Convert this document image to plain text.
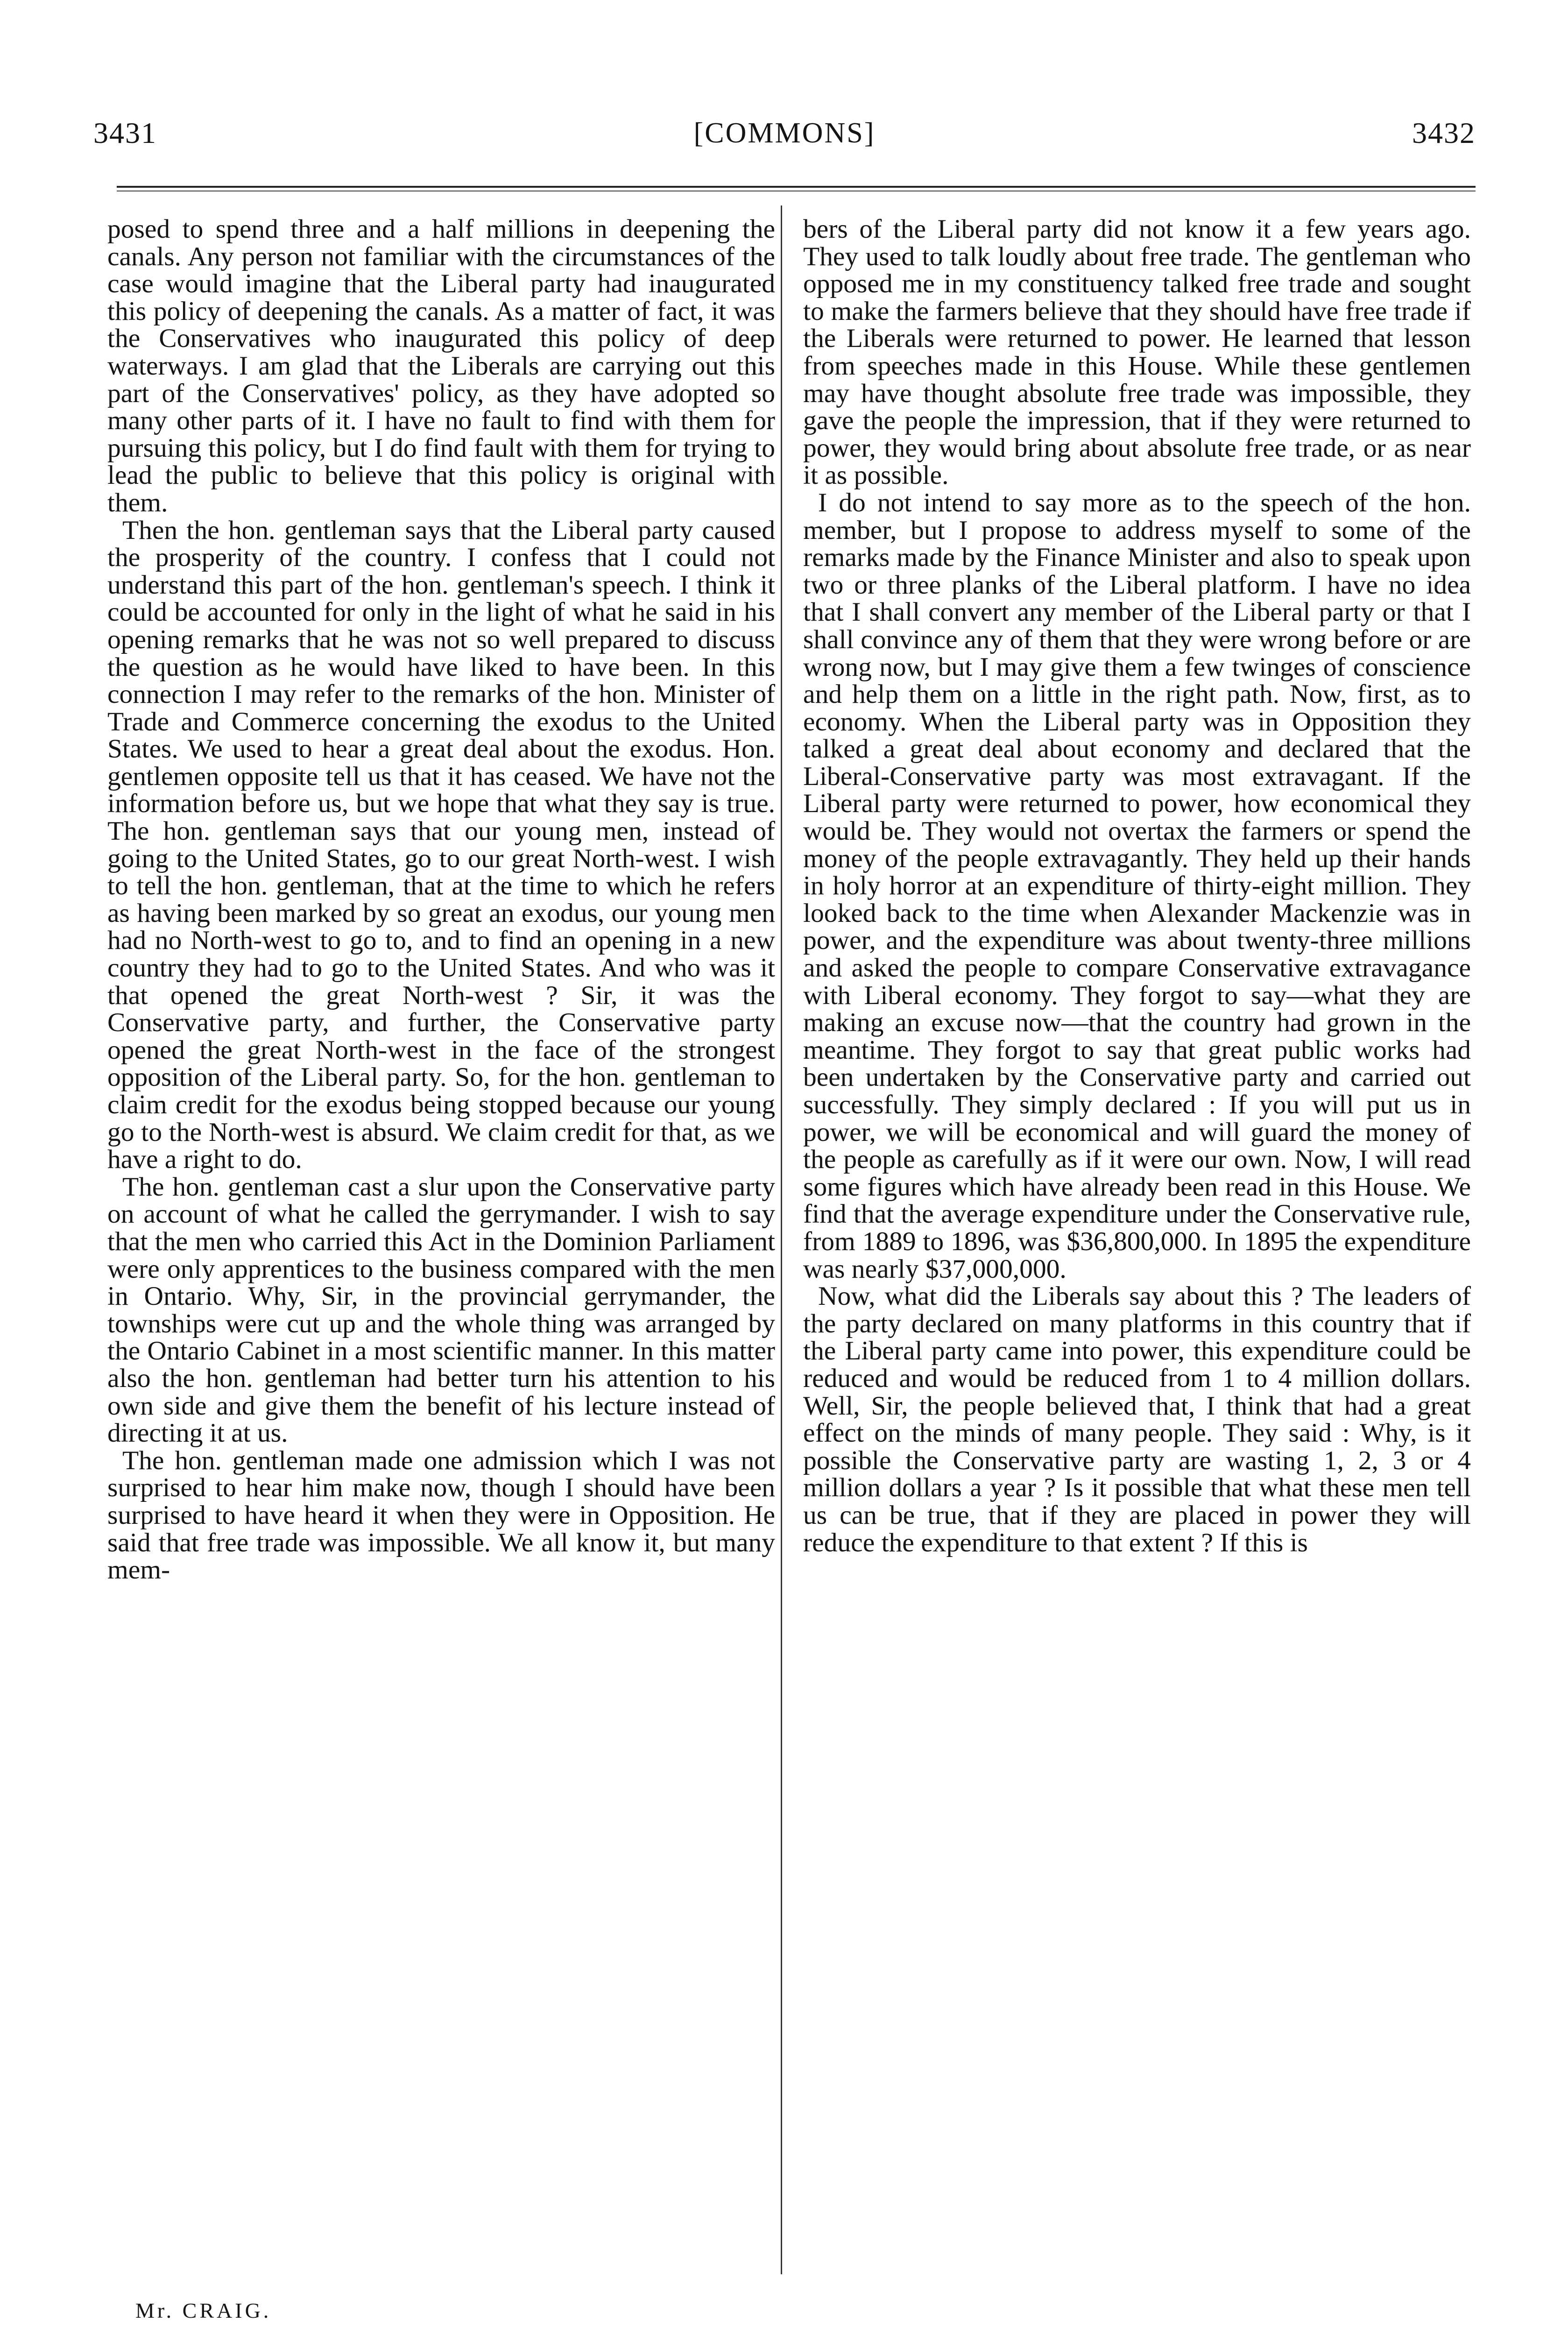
3431	[COMMONS]	3432

posed to spend three and a half millions in deepening the canals. Any person not familiar with the circumstances of the case would imagine that the Liberal party had inaugurated this policy of deepening the canals. As a matter of fact, it was the Conservatives who inaugurated this policy of deep waterways. I am glad that the Liberals are carrying out this part of the Conservatives' policy, as they have adopted so many other parts of it. I have no fault to find with them for pursuing this policy, but I do find fault with them for trying to lead the public to believe that this policy is original with them.

Then the hon. gentleman says that the Liberal party caused the prosperity of the country. I confess that I could not understand this part of the hon. gentleman's speech. I think it could be accounted for only in the light of what he said in his opening remarks that he was not so well prepared to discuss the question as he would have liked to have been. In this connection I may refer to the remarks of the hon. Minister of Trade and Commerce concerning the exodus to the United States. We used to hear a great deal about the exodus. Hon. gentlemen opposite tell us that it has ceased. We have not the information before us, but we hope that what they say is true. The hon. gentleman says that our young men, instead of going to the United States, go to our great North-west. I wish to tell the hon. gentleman, that at the time to which he refers as having been marked by so great an exodus, our young men had no North-west to go to, and to find an opening in a new country they had to go to the United States. And who was it that opened the great North-west ? Sir, it was the Conservative party, and further, the Conservative party opened the great North-west in the face of the strongest opposition of the Liberal party. So, for the hon. gentleman to claim credit for the exodus being stopped because our young go to the North-west is absurd. We claim credit for that, as we have a right to do.

The hon. gentleman cast a slur upon the Conservative party on account of what he called the gerrymander. I wish to say that the men who carried this Act in the Dominion Parliament were only apprentices to the business compared with the men in Ontario. Why, Sir, in the provincial gerrymander, the townships were cut up and the whole thing was arranged by the Ontario Cabinet in a most scientific manner. In this matter also the hon. gentleman had better turn his attention to his own side and give them the benefit of his lecture instead of directing it at us.

The hon. gentleman made one admission which I was not surprised to hear him make now, though I should have been surprised to have heard it when they were in Opposition. He said that free trade was impossible. We all know it, but many mem-

bers of the Liberal party did not know it a few years ago. They used to talk loudly about free trade. The gentleman who opposed me in my constituency talked free trade and sought to make the farmers believe that they should have free trade if the Liberals were returned to power. He learned that lesson from speeches made in this House. While these gentlemen may have thought absolute free trade was impossible, they gave the people the impression, that if they were returned to power, they would bring about absolute free trade, or as near it as possible.

I do not intend to say more as to the speech of the hon. member, but I propose to address myself to some of the remarks made by the Finance Minister and also to speak upon two or three planks of the Liberal platform. I have no idea that I shall convert any member of the Liberal party or that I shall convince any of them that they were wrong before or are wrong now, but I may give them a few twinges of conscience and help them on a little in the right path. Now, first, as to economy. When the Liberal party was in Opposition they talked a great deal about economy and declared that the Liberal-Conservative party was most extravagant. If the Liberal party were returned to power, how economical they would be. They would not overtax the farmers or spend the money of the people extravagantly. They held up their hands in holy horror at an expenditure of thirty-eight million. They looked back to the time when Alexander Mackenzie was in power, and the expenditure was about twenty-three millions and asked the people to compare Conservative extravagance with Liberal economy. They forgot to say—what they are making an excuse now—that the country had grown in the meantime. They forgot to say that great public works had been undertaken by the Conservative party and carried out successfully. They simply declared : If you will put us in power, we will be economical and will guard the money of the people as carefully as if it were our own. Now, I will read some figures which have already been read in this House. We find that the average expenditure under the Conservative rule, from 1889 to 1896, was $36,800,000. In 1895 the expenditure was nearly $37,000,000.

Now, what did the Liberals say about this ? The leaders of the party declared on many platforms in this country that if the Liberal party came into power, this expenditure could be reduced and would be reduced from 1 to 4 million dollars. Well, Sir, the people believed that, I think that had a great effect on the minds of many people. They said : Why, is it possible the Conservative party are wasting 1, 2, 3 or 4 million dollars a year ? Is it possible that what these men tell us can be true, that if they are placed in power they will reduce the expenditure to that extent ? If this is

Mr. CRAIG.
